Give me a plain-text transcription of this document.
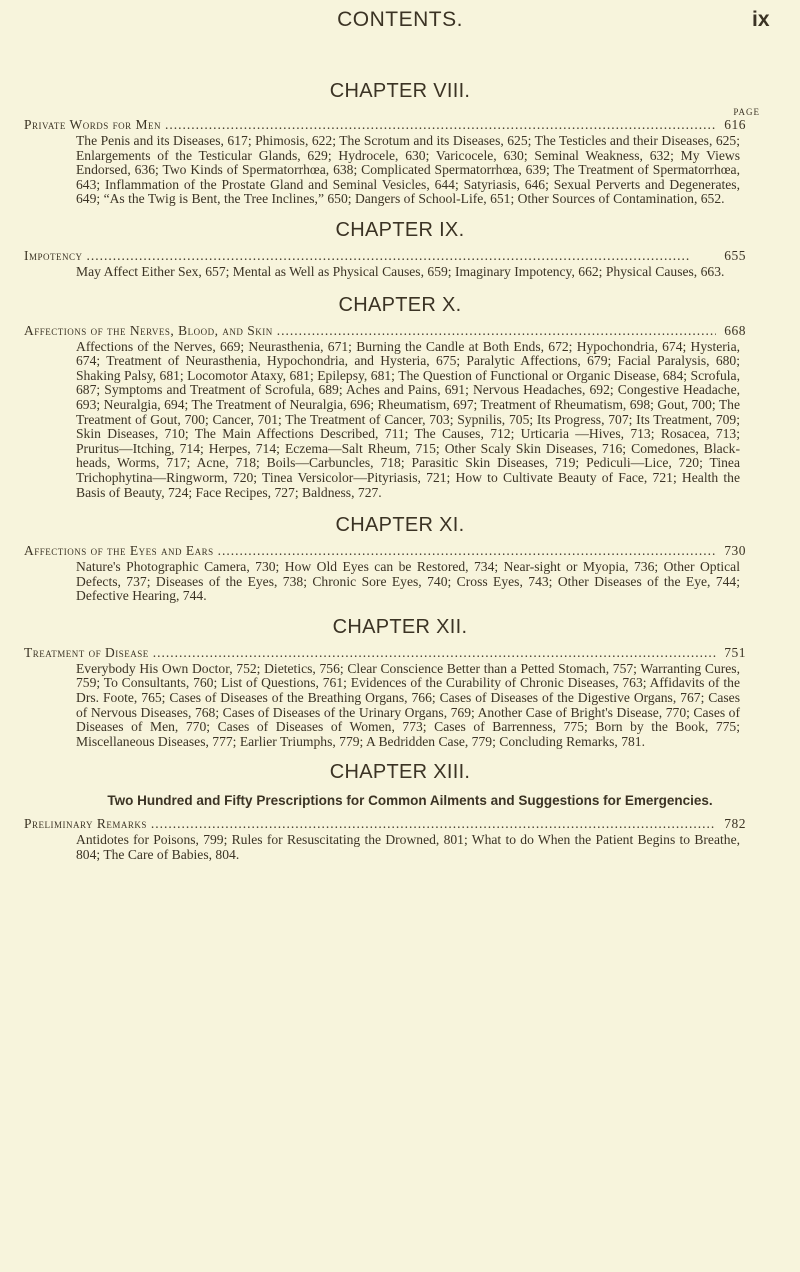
CONTENTS.	ix
CHAPTER VIII.
PAGE
Private Words for Men .....	616

The Penis and its Diseases, 617; Phimosis, 622; The Scrotum and its Diseases, 625; The Testicles and their Diseases, 625; Enlargements of the Testicular Glands, 629; Hydrocele, 630; Varicocele, 630; Seminal Weakness, 632; My Views Endorsed, 636; Two Kinds of Spermatorrhœa, 638; Complicated Spermatorrhœa, 639; The Treatment of Spermatorrhœa, 643; Inflammation of the Prostate Gland and Seminal Vesicles, 644; Satyriasis, 646; Sexual Perverts and Degenerates, 649; “As the Twig is Bent, the Tree Inclines,” 650; Dangers of School-Life, 651; Other Sources of Contamination, 652.

CHAPTER IX.
Impotency .....	655

May Affect Either Sex, 657; Mental as Well as Physical Causes, 659; Imaginary Impotency, 662; Physical Causes, 663.

CHAPTER X.
Affections of the Nerves, Blood, and Skin .....	668

Affections of the Nerves, 669; Neurasthenia, 671; Burning the Candle at Both Ends, 672; Hypochondria, 674; Hysteria, 674; Treatment of Neurasthenia, Hypochondria, and Hysteria, 675; Paralytic Affections, 679; Facial Paralysis, 680; Shaking Palsy, 681; Locomotor Ataxy, 681; Epilepsy, 681; The Question of Functional or Organic Disease, 684; Scrofula, 687; Symptoms and Treatment of Scrofula, 689; Aches and Pains, 691; Nervous Headaches, 692; Congestive Headache, 693; Neuralgia, 694; The Treatment of Neuralgia, 696; Rheumatism, 697; Treatment of Rheumatism, 698; Gout, 700; The Treatment of Gout, 700; Cancer, 701; The Treatment of Cancer, 703; Sypnilis, 705; Its Progress, 707; Its Treatment, 709; Skin Diseases, 710; The Main Affections Described, 711; The Causes, 712; Urticaria —Hives, 713; Rosacea, 713; Pruritus—Itching, 714; Herpes, 714; Eczema—Salt Rheum, 715; Other Scaly Skin Diseases, 716; Comedones, Black-heads, Worms, 717; Acne, 718; Boils—Carbuncles, 718; Parasitic Skin Diseases, 719; Pediculi—Lice, 720; Tinea Trichophytina—Ringworm, 720; Tinea Versicolor—Pityriasis, 721; How to Cultivate Beauty of Face, 721; Health the Basis of Beauty, 724; Face Recipes, 727; Baldness, 727.

CHAPTER XI.
Affections of the Eyes and Ears .....	730

Nature's Photographic Camera, 730; How Old Eyes can be Restored, 734; Near-sight or Myopia, 736; Other Optical Defects, 737; Diseases of the Eyes, 738; Chronic Sore Eyes, 740; Cross Eyes, 743; Other Diseases of the Eye, 744; Defective Hearing, 744.

CHAPTER XII.
Treatment of Disease .....	751

Everybody His Own Doctor, 752; Dietetics, 756; Clear Conscience Better than a Petted Stomach, 757; Warranting Cures, 759; To Consultants, 760; List of Questions, 761; Evidences of the Curability of Chronic Diseases, 763; Affidavits of the Drs. Foote, 765; Cases of Diseases of the Breathing Organs, 766; Cases of Diseases of the Digestive Organs, 767; Cases of Nervous Diseases, 768; Cases of Diseases of the Urinary Organs, 769; Another Case of Bright's Disease, 770; Cases of Diseases of Men, 770; Cases of Diseases of Women, 773; Cases of Barrenness, 775; Born by the Book, 775; Miscellaneous Diseases, 777; Earlier Triumphs, 779; A Bedridden Case, 779; Concluding Remarks, 781.

CHAPTER XIII.
Two Hundred and Fifty Prescriptions for Common Ailments and Suggestions for Emergencies.
Preliminary Remarks .....	782

Antidotes for Poisons, 799; Rules for Resuscitating the Drowned, 801; What to do When the Patient Begins to Breathe, 804; The Care of Babies, 804.
